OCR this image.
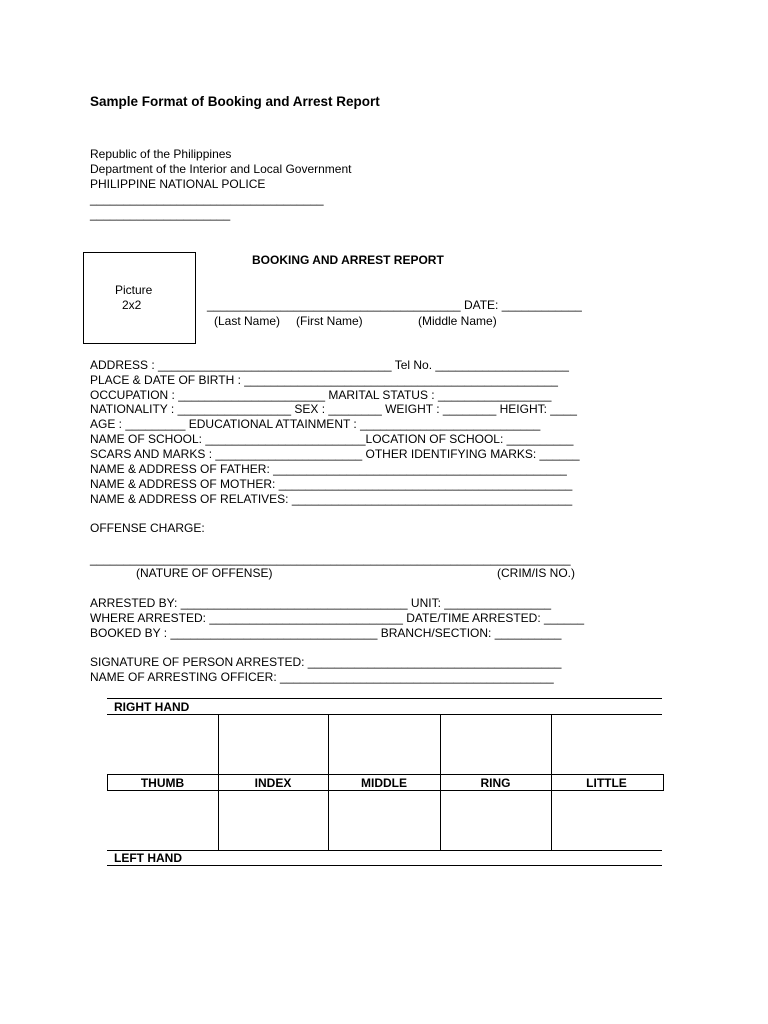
Sample Format of Booking and Arrest Report
Republic of the Philippines
Department of the Interior and Local Government
PHILIPPINE NATIONAL POLICE
___________________________________
_____________________
Picture
2x2
BOOKING AND ARREST REPORT
______________________________________ DATE: ____________
(Last Name) (First Name)	(Middle Name)
ADDRESS : ___________________________________ Tel No. ____________________
PLACE & DATE OF BIRTH : _______________________________________________
OCCUPATION : ______________________ MARITAL STATUS : _________________
NATIONALITY : _________________ SEX : ________ WEIGHT : ________ HEIGHT: ____
AGE : _________ EDUCATIONAL ATTAINMENT : ___________________________
NAME OF SCHOOL: ________________________LOCATION OF SCHOOL: __________
SCARS AND MARKS : ______________________ OTHER IDENTIFYING MARKS: ______
NAME & ADDRESS OF FATHER: ____________________________________________
NAME & ADDRESS OF MOTHER: ____________________________________________
NAME & ADDRESS OF RELATIVES: __________________________________________
OFFENSE CHARGE:
________________________________________________________________________
(NATURE OF OFFENSE)	(CRIM/IS NO.)
ARRESTED BY: __________________________________ UNIT: ________________
WHERE ARRESTED: _____________________________ DATE/TIME ARRESTED: ______
BOOKED BY : _______________________________ BRANCH/SECTION: __________
SIGNATURE OF PERSON ARRESTED: ______________________________________
NAME OF ARRESTING OFFICER: _________________________________________
RIGHT HAND
THUMB	INDEX	MIDDLE	RING	LITTLE
LEFT HAND
